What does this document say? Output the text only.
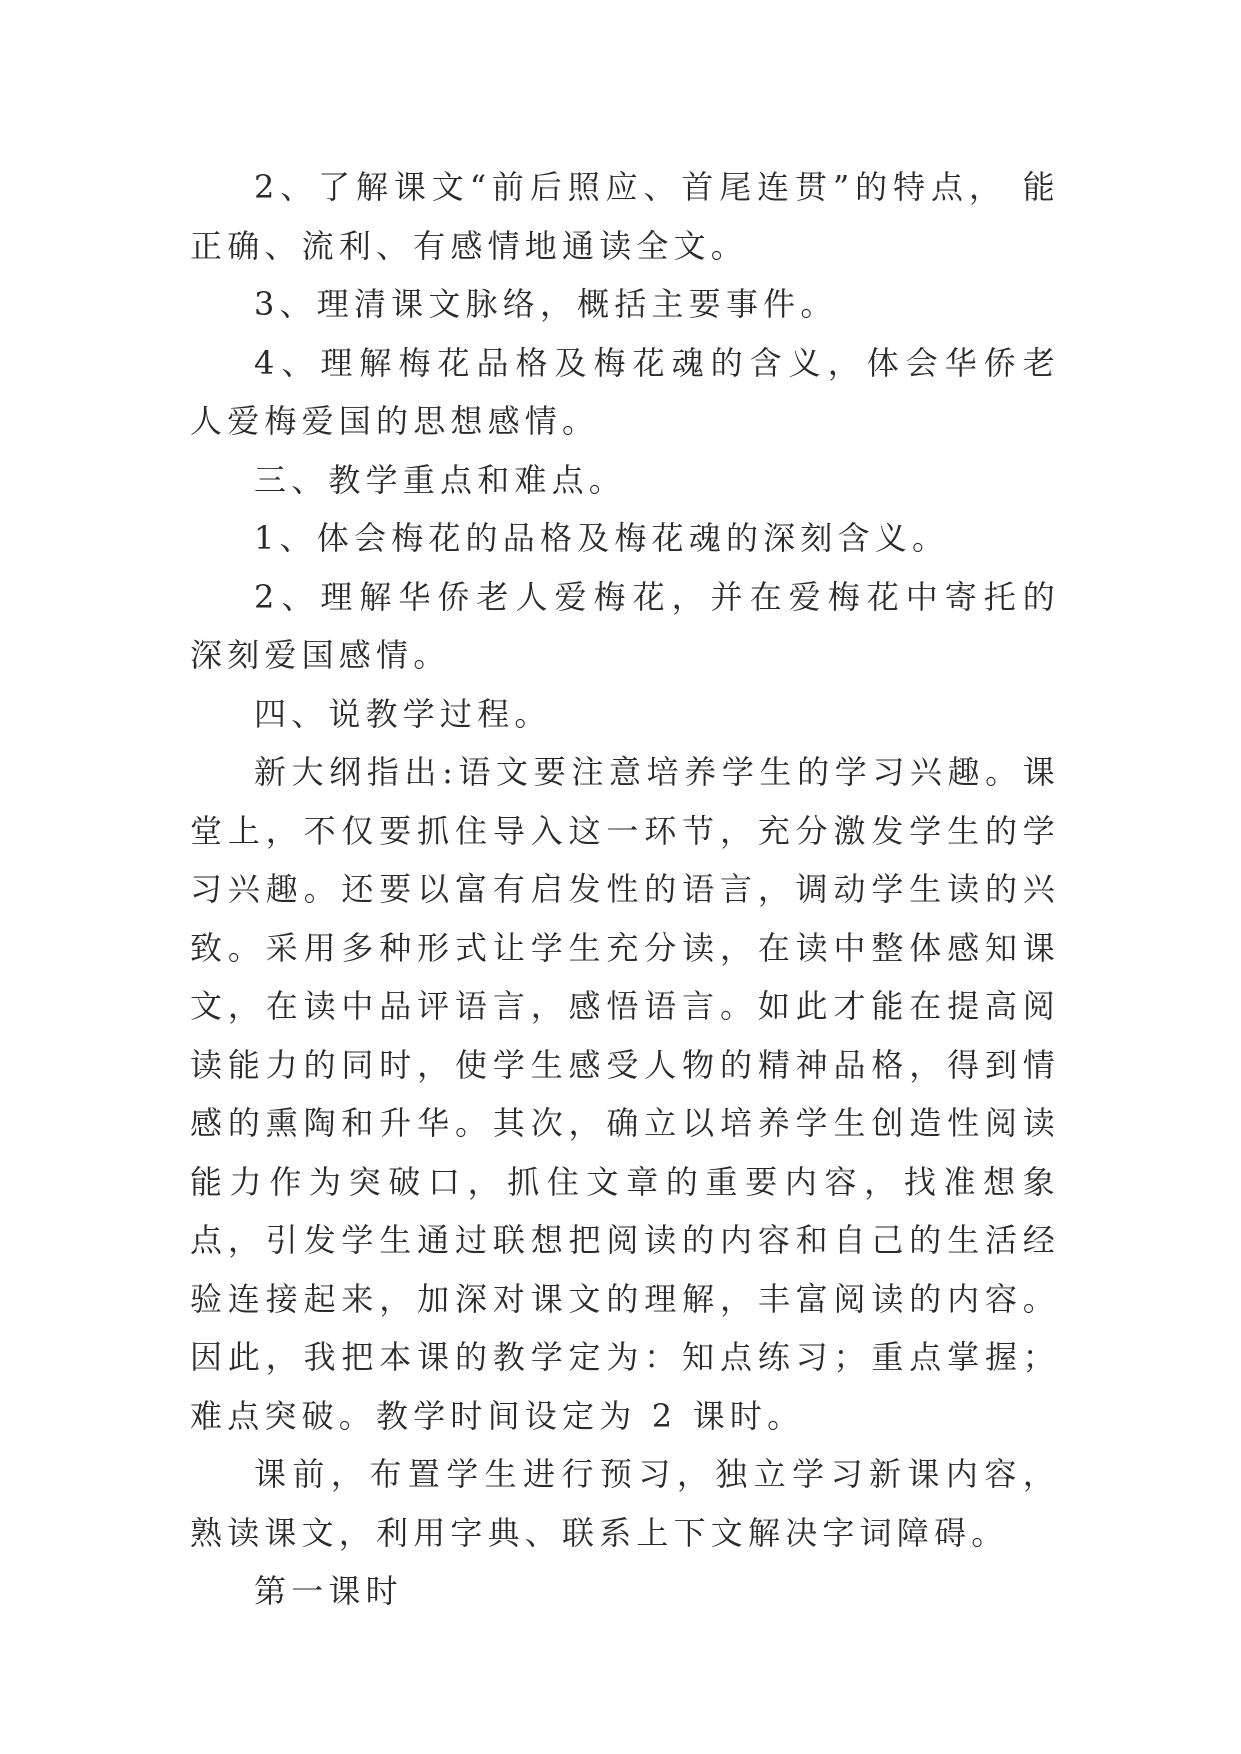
2、了解课文“前后照应、首尾连贯”的特点， 能正确、流利、有感情地通读全文。

3、理清课文脉络，概括主要事件。

4、理解梅花品格及梅花魂的含义，体会华侨老人爱梅爱国的思想感情。

三、教学重点和难点。

1、体会梅花的品格及梅花魂的深刻含义。

2、理解华侨老人爱梅花，并在爱梅花中寄托的深刻爱国感情。

四、说教学过程。

新大纲指出:语文要注意培养学生的学习兴趣。课堂上，不仅要抓住导入这一环节，充分激发学生的学习兴趣。还要以富有启发性的语言，调动学生读的兴致。采用多种形式让学生充分读，在读中整体感知课文，在读中品评语言，感悟语言。如此才能在提高阅读能力的同时，使学生感受人物的精神品格，得到情感的熏陶和升华。其次，确立以培养学生创造性阅读能力作为突破口，抓住文章的重要内容，找准想象点，引发学生通过联想把阅读的内容和自己的生活经验连接起来，加深对课文的理解，丰富阅读的内容。因此，我把本课的教学定为：知点练习；重点掌握；难点突破。教学时间设定为 2 课时。

课前，布置学生进行预习，独立学习新课内容，熟读课文，利用字典、联系上下文解决字词障碍。

第一课时
